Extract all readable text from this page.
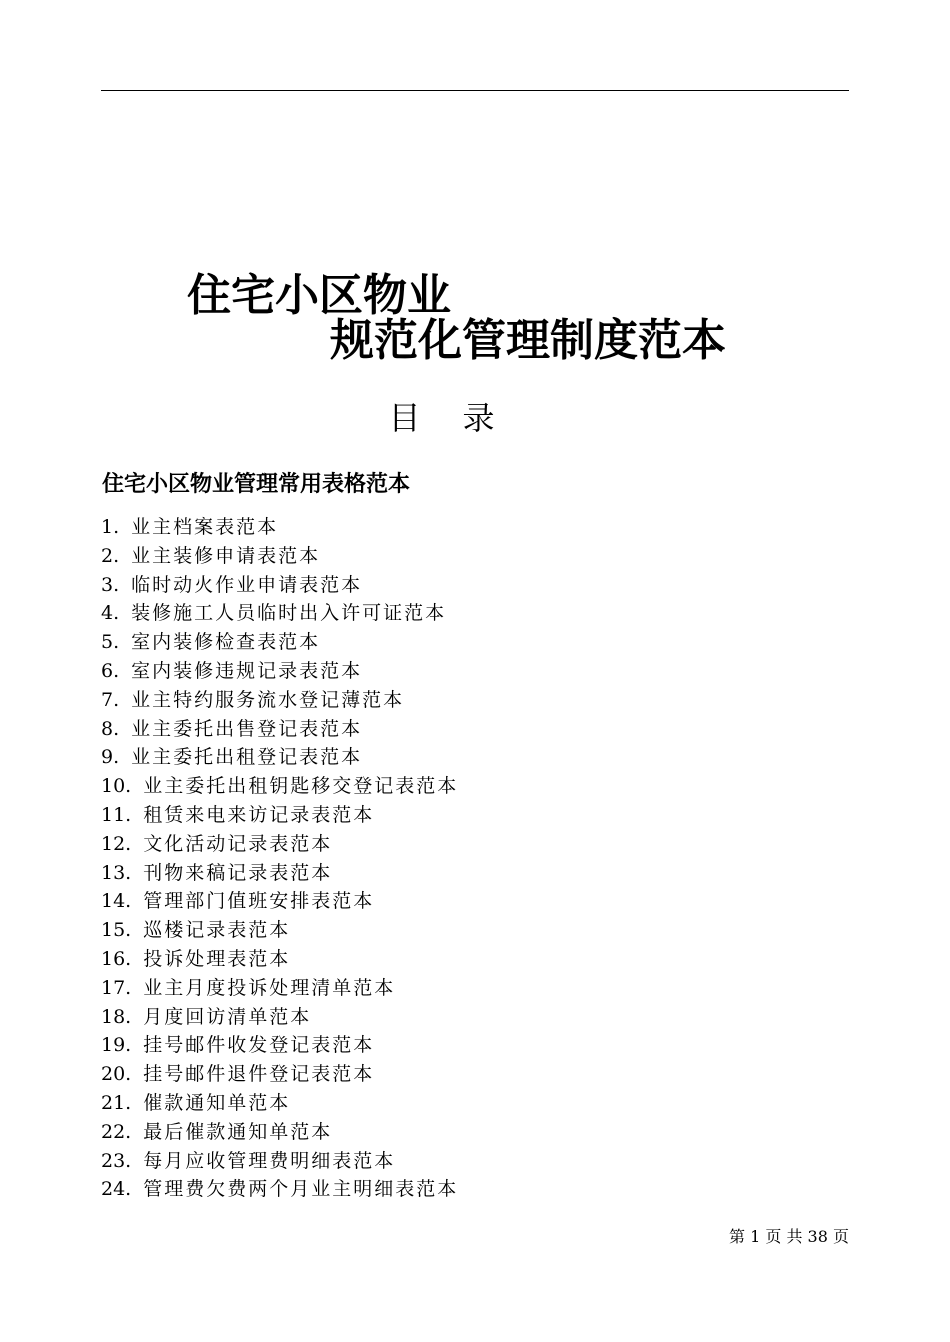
住宅小区物业
规范化管理制度范本
目录
住宅小区物业管理常用表格范本
1. 业主档案表范本
2. 业主装修申请表范本
3. 临时动火作业申请表范本
4. 装修施工人员临时出入许可证范本
5. 室内装修检查表范本
6. 室内装修违规记录表范本
7. 业主特约服务流水登记薄范本
8. 业主委托出售登记表范本
9. 业主委托出租登记表范本
10. 业主委托出租钥匙移交登记表范本
11. 租赁来电来访记录表范本
12. 文化活动记录表范本
13. 刊物来稿记录表范本
14. 管理部门值班安排表范本
15. 巡楼记录表范本
16. 投诉处理表范本
17. 业主月度投诉处理清单范本
18. 月度回访清单范本
19. 挂号邮件收发登记表范本
20. 挂号邮件退件登记表范本
21. 催款通知单范本
22. 最后催款通知单范本
23. 每月应收管理费明细表范本
24. 管理费欠费两个月业主明细表范本
第 1 页 共 38 页
